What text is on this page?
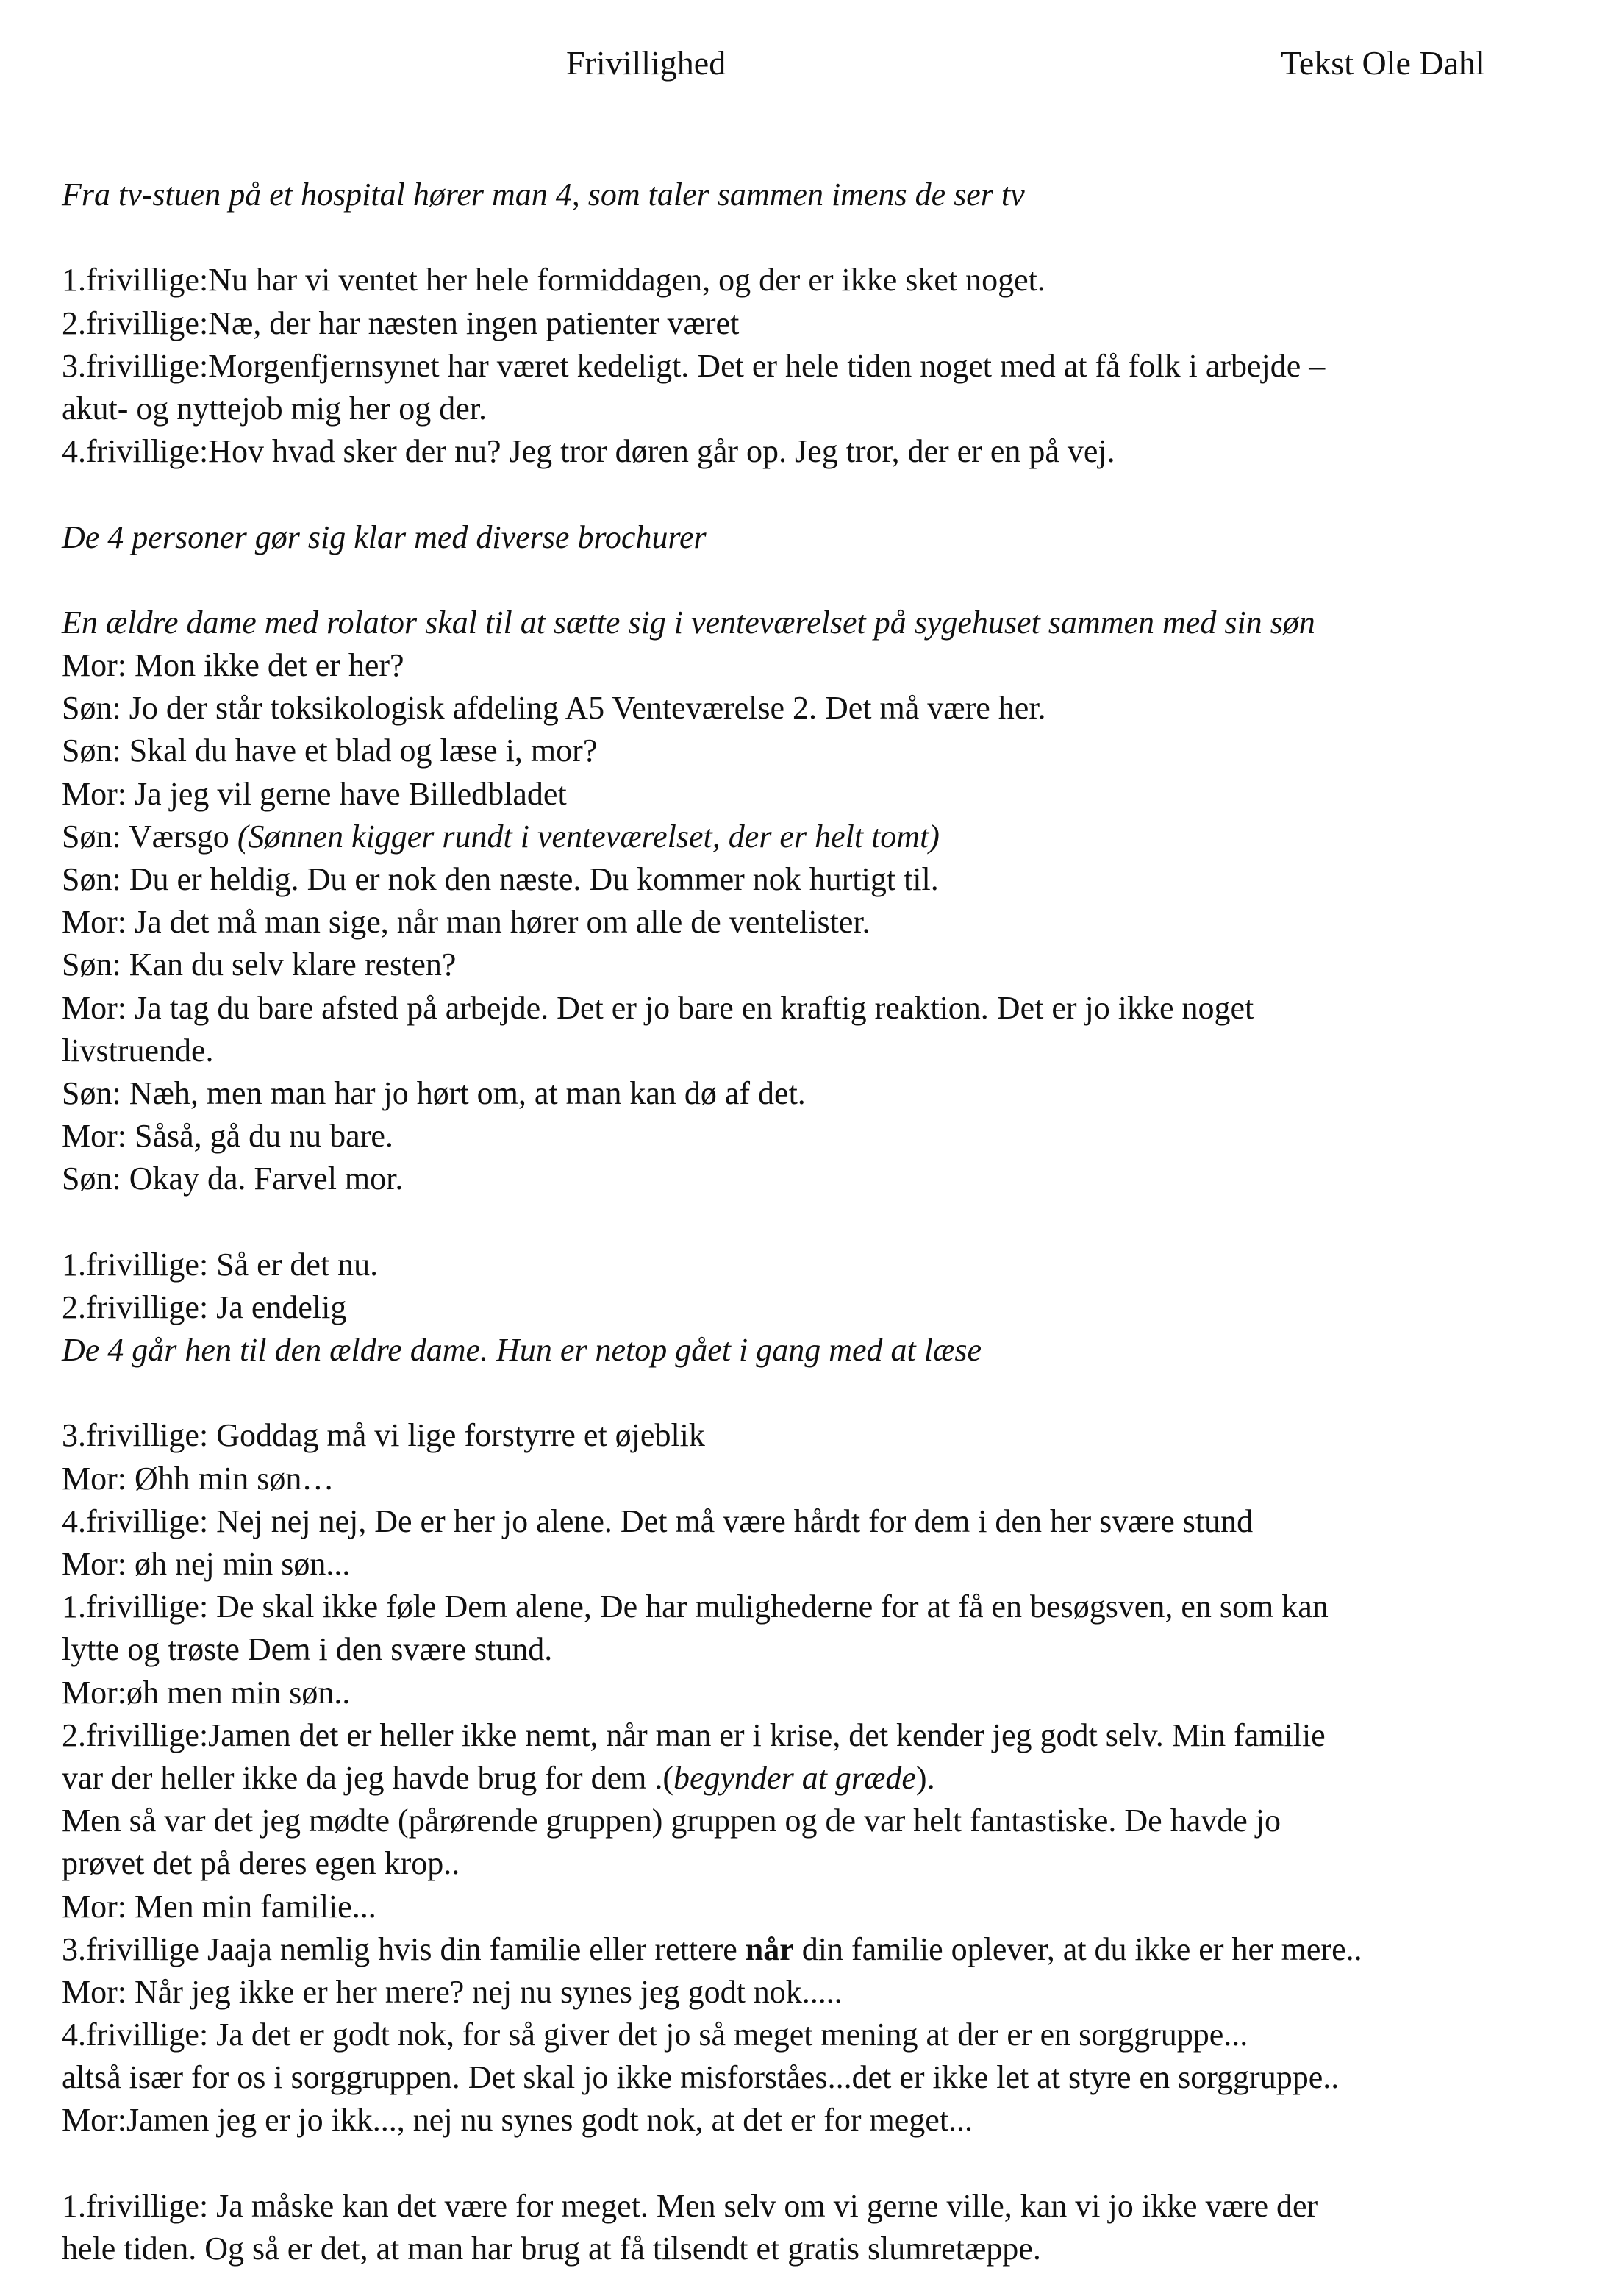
Frivillighed	Tekst Ole Dahl
Fra tv-stuen på et hospital hører man 4, som taler sammen imens de ser tv
1.frivillige:Nu har vi ventet her hele formiddagen, og der er ikke sket noget.
2.frivillige:Næ, der har næsten ingen patienter været
3.frivillige:Morgenfjernsynet har været kedeligt. Det er hele tiden noget med at få folk i arbejde –
akut- og nyttejob mig her og der.
4.frivillige:Hov hvad sker der nu? Jeg tror døren går op. Jeg tror, der er en på vej.
De 4 personer gør sig klar med diverse brochurer
En ældre dame med rolator skal til at sætte sig i venteværelset på sygehuset sammen med sin søn
Mor: Mon ikke det er her?
Søn: Jo der står toksikologisk afdeling A5 Venteværelse 2. Det må være her.
Søn: Skal du have et blad og læse i, mor?
Mor: Ja jeg vil gerne have Billedbladet
Søn: Værsgo (Sønnen kigger rundt i venteværelset, der er helt tomt)
Søn: Du er heldig. Du er nok den næste. Du kommer nok hurtigt til.
Mor: Ja det må man sige, når man hører om alle de ventelister.
Søn: Kan du selv klare resten?
Mor: Ja tag du bare afsted på arbejde. Det er jo bare en kraftig reaktion. Det er jo ikke noget
livstruende.
Søn: Næh, men man har jo hørt om, at man kan dø af det.
Mor: Såså, gå du nu bare.
Søn: Okay da. Farvel mor.
1.frivillige: Så er det nu.
2.frivillige: Ja endelig
De 4 går hen til den ældre dame. Hun er netop gået i gang med at læse
3.frivillige: Goddag må vi lige forstyrre et øjeblik
Mor: Øhh min søn…
4.frivillige: Nej nej nej, De er her jo alene. Det må være hårdt for dem i den her svære stund
Mor: øh nej min søn...
1.frivillige: De skal ikke føle Dem alene, De har mulighederne for at få en besøgsven, en som kan
lytte og trøste Dem i den svære stund.
Mor:øh men min søn..
2.frivillige:Jamen det er heller ikke nemt, når man er i krise, det kender jeg godt selv. Min familie
var der heller ikke da jeg havde brug for dem .(begynder at græde).
Men så var det jeg mødte (pårørende gruppen) gruppen og de var helt fantastiske. De havde jo
prøvet det på deres egen krop..
Mor: Men min familie...
3.frivillige Jaaja nemlig hvis din familie eller rettere når din familie oplever, at du ikke er her mere..
Mor: Når jeg ikke er her mere? nej nu synes jeg godt nok.....
4.frivillige: Ja det er godt nok, for så giver det jo så meget mening at der er en sorggruppe...
altså især for os i sorggruppen. Det skal jo ikke misforståes...det er ikke let at styre en sorggruppe..
Mor:Jamen jeg er jo ikk..., nej nu synes godt nok, at det er for meget...
1.frivillige: Ja måske kan det være for meget. Men selv om vi gerne ville, kan vi jo ikke være der
hele tiden. Og så er det, at man har brug at få tilsendt et gratis slumretæppe.
